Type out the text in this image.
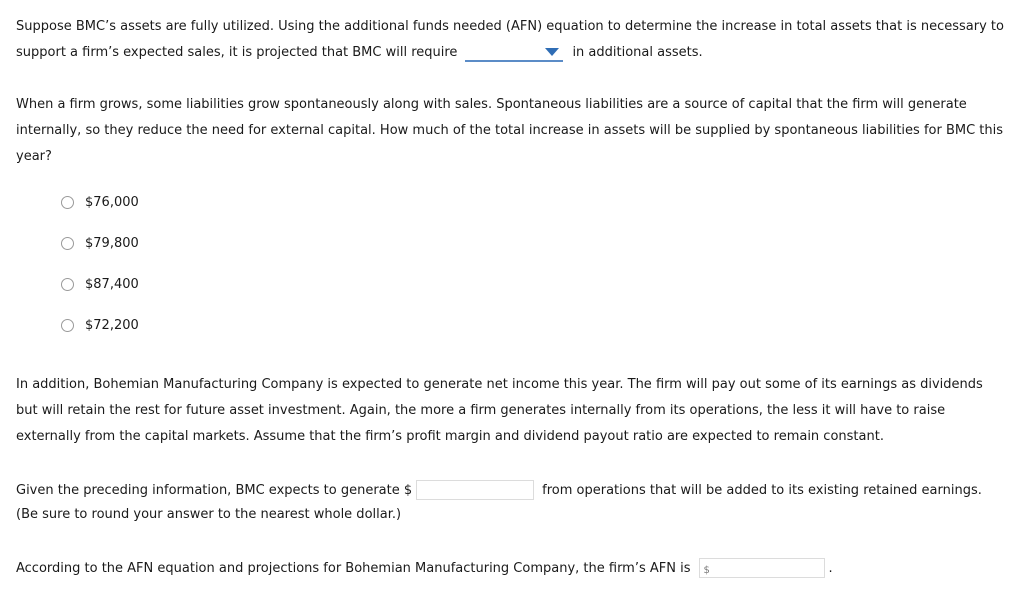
Suppose BMC’s assets are fully utilized. Using the additional funds needed (AFN) equation to determine the increase in total assets that is necessary to
support a firm’s expected sales, it is projected that BMC will require	in additional assets.
When a firm grows, some liabilities grow spontaneously along with sales. Spontaneous liabilities are a source of capital that the firm will generate
internally, so they reduce the need for external capital. How much of the total increase in assets will be supplied by spontaneous liabilities for BMC this
year?
$76,000
$79,800
$87,400
$72,200
In addition, Bohemian Manufacturing Company is expected to generate net income this year. The firm will pay out some of its earnings as dividends
but will retain the rest for future asset investment. Again, the more a firm generates internally from its operations, the less it will have to raise
externally from the capital markets. Assume that the firm’s profit margin and dividend payout ratio are expected to remain constant.
Given the preceding information, BMC expects to generate $	from operations that will be added to its existing retained earnings.
(Be sure to round your answer to the nearest whole dollar.)
According to the AFN equation and projections for Bohemian Manufacturing Company, the firm’s AFN is $	.
